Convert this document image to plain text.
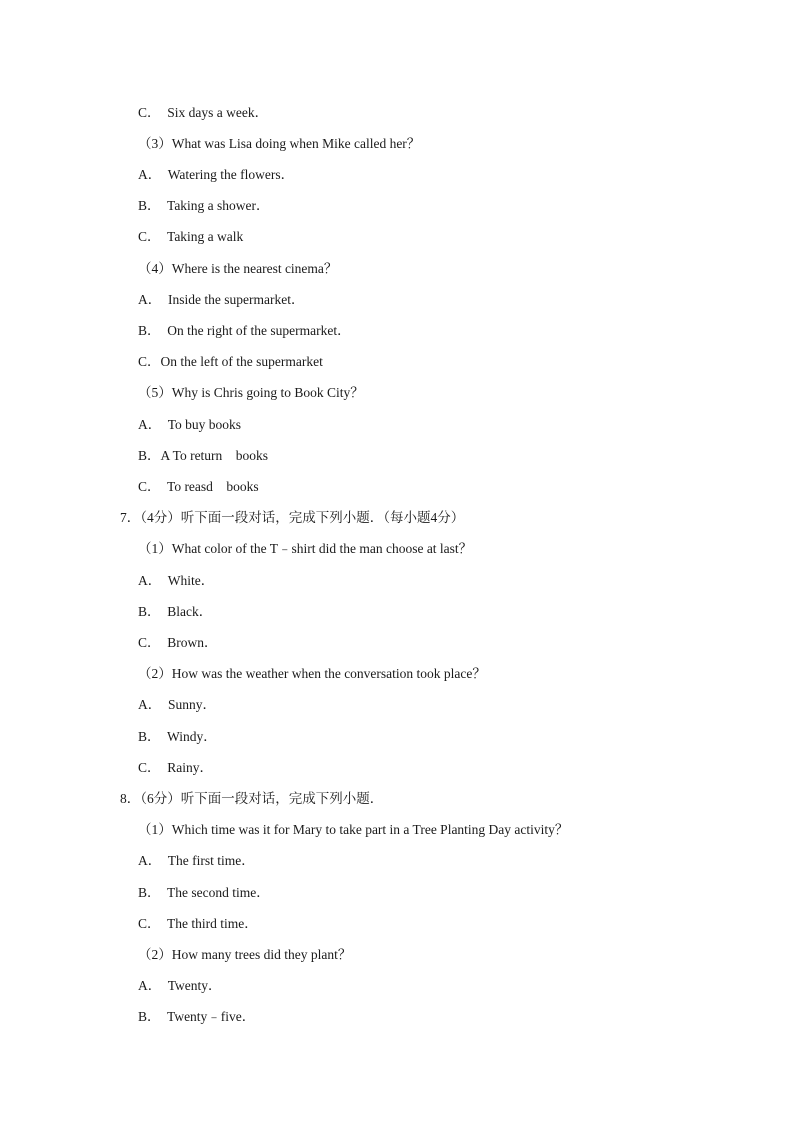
C．  Six days a week．
（3）What was Lisa doing when Mike called her？
A．  Watering the flowers．
B．  Taking a shower．
C．  Taking a walk
（4）Where is the nearest cinema？
A．  Inside the supermarket．
B．  On the right of the supermarket．
C．On the left of the supermarket
（5）Why is Chris going to Book City？
A．  To buy books
B．A To return    books
C．  To reasd    books
7．（4分）听下面一段对话，完成下列小题．（每小题4分）
（1）What color of the T﹣shirt did the man choose at last？
A．  White．
B．  Black．
C．  Brown．
（2）How was the weather when the conversation took place？
A．  Sunny．
B．  Windy．
C．  Rainy．
8．（6分）听下面一段对话，完成下列小题．
（1）Which time was it for Mary to take part in a Tree Planting Day activity？
A．  The first time．
B．  The second time．
C．  The third time．
（2）How many trees did they plant？
A．  Twenty．
B．  Twenty﹣five．
